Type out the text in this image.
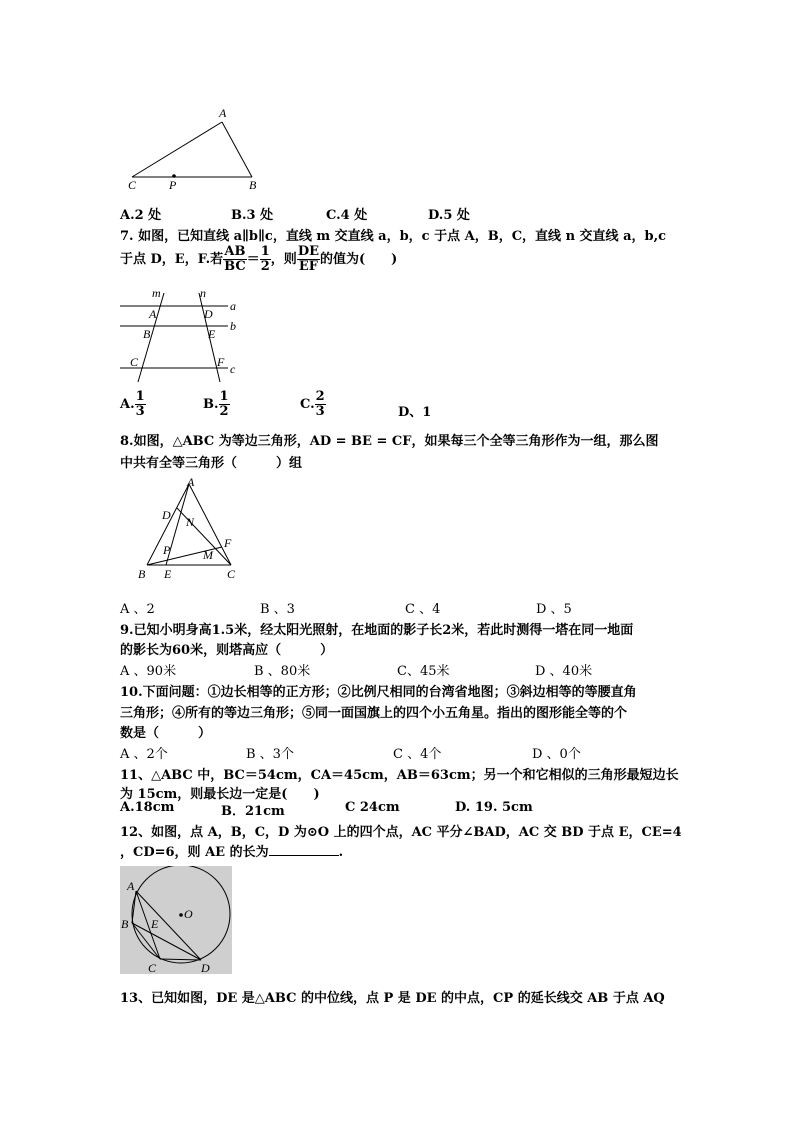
A
C	P	B
A.2 处	B.3 处	C.4 处	D.5 处
7. 如图，已知直线 a∥b∥c，直线 m 交直线 a，b，c 于点 A，B，C，直线 n 交直线 a，b,c
于点 D，E，F.若 $\frac{AB}{BC} = \frac{1}{2}$ ，则 $\frac{DE}{EF}$ 的值为(　　)
m	n
a
b
c
A	D
B	E
C	F
A. $\frac{1}{3}$	B. $\frac{1}{2}$	C. $\frac{2}{3}$	D、1
8.如图，△ABC 为等边三角形，AD = BE = CF，如果每三个全等三角形作为一组，那么图
中共有全等三角形（　　　）组
A
D N
P	M
F
B E	C
A 、2	B 、3	C 、4	D 、5
9.已知小明身高1.5米，经太阳光照射，在地面的影子长2米，若此时测得一塔在同一地面
的影长为60米，则塔高应（　　　）
A 、90米	B 、80米	C、45米	D 、40米
10.下面问题：①边长相等的正方形；②比例尺相同的台湾省地图；③斜边相等的等腰直角
三角形；④所有的等边三角形；⑤同一面国旗上的四个小五角星。指出的图形能全等的个
数是（　　　）
A 、2个	B 、3个	C 、4个	D 、0个
11、△ABC 中，BC＝54cm，CA＝45cm，AB＝63cm；另一个和它相似的三角形最短边长
为 15cm，则最长边一定是(　　)
A.18cm	B．21cm	C 24cm	D. 19. 5cm
12、如图，点 A，B，C，D 为⊙O 上的四个点，AC 平分∠BAD，AC 交 BD 于点 E，CE=4
，CD=6，则 AE 的长为	.
A
B E
O
C	D
13、已知如图，DE 是△ABC 的中位线，点 P 是 DE 的中点，CP 的延长线交 AB 于点 AQ
